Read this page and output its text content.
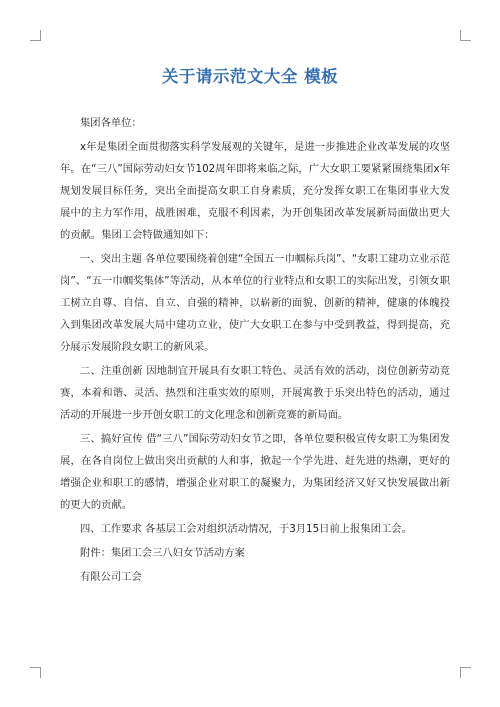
关于请示范文大全 模板

集团各单位：

x年是集团全面贯彻落实科学发展观的关键年，是进一步推进企业改革发展的攻坚年。在“三八”国际劳动妇女节102周年即将来临之际，广大女职工要紧紧围绕集团x年规划发展目标任务，突出全面提高女职工自身素质，充分发挥女职工在集团事业大发展中的主力军作用，战胜困难，克服不利因素，为开创集团改革发展新局面做出更大的贡献。集团工会特做通知如下：

一、突出主题 各单位要围绕着创建“全国五一巾帼标兵岗”、“女职工建功立业示范岗”、“五一巾帼奖集体”等活动，从本单位的行业特点和女职工的实际出发，引领女职工树立自尊、自信、自立、自强的精神，以崭新的面貌、创新的精神，健康的体魄投入到集团改革发展大局中建功立业，使广大女职工在参与中受到教益，得到提高，充分展示发展阶段女职工的新风采。

二、注重创新 因地制宜开展具有女职工特色、灵活有效的活动，岗位创新劳动竞赛，本着和谐、灵活、热烈和注重实效的原则，开展寓教于乐突出特色的活动，通过活动的开展进一步开创女职工的文化理念和创新竞赛的新局面。

三、搞好宣传 借“三八”国际劳动妇女节之即，各单位要积极宣传女职工为集团发展，在各自岗位上做出突出贡献的人和事，掀起一个学先进、赶先进的热潮，更好的增强企业和职工的感情，增强企业对职工的凝聚力，为集团经济又好又快发展做出新的更大的贡献。

四、工作要求 各基层工会对组织活动情况，于3月15日前上报集团工会。

附件：集团工会三八妇女节活动方案

有限公司工会
